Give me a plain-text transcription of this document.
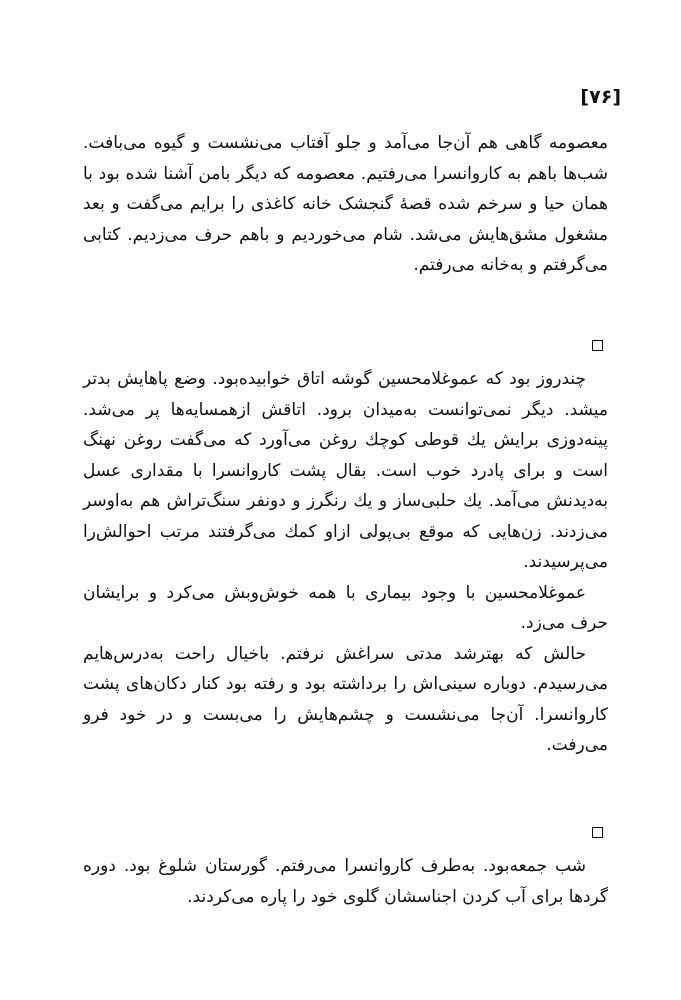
[۷۶]

معصومه گاهی هم آن‌جا می‌آمد و جلو آفتاب می‌نشست و گیوه می‌بافت. شب‌ها باهم به کاروانسرا می‌رفتیم. معصومه که دیگر بامن آشنا شده بود با همان حیا و سرخم شده قصهٔ گنجشک خانه کاغذی را برایم می‌گفت و بعد مشغول مشق‌هایش می‌شد. شام می‌خوردیم و باهم حرف می‌زدیم. کتابی می‌گرفتم و به‌خانه می‌رفتم.

چندروز بود که عموغلامحسین گوشه اتاق خوابیده‌بود. وضع پاهایش بدتر میشد. دیگر نمی‌توانست به‌میدان برود. اتاقش ازهمسایه‌ها پر می‌شد. پینه‌دوزی برایش یك قوطی کوچك روغن می‌آورد که می‌گفت روغن نهنگ است و برای پادرد خوب است. بقال پشت کاروانسرا با مقداری عسل به‌دیدنش می‌آمد. یك حلبی‌ساز و یك رنگرز و دونفر سنگ‌تراش هم به‌اوسر می‌زدند. زن‌هایی که موقع بی‌پولی ازاو کمك می‌گرفتند مرتب احوالش‌را می‌پرسیدند.

عموغلامحسین با وجود بیماری با همه خوش‌وبش می‌کرد و برایشان حرف می‌زد.

حالش که بهترشد مدتی سراغش نرفتم. باخیال راحت به‌درس‌هایم می‌رسیدم. دوباره سینی‌اش را برداشته بود و رفته بود کنار دکان‌های پشت کاروانسرا. آن‌جا می‌نشست و چشم‌هایش را می‌بست و در خود فرو می‌رفت.

شب جمعه‌بود. به‌طرف کاروانسرا می‌رفتم. گورستان شلوغ بود. دوره گردها برای آب کردن اجناسشان گلوی خود را پاره می‌کردند.
